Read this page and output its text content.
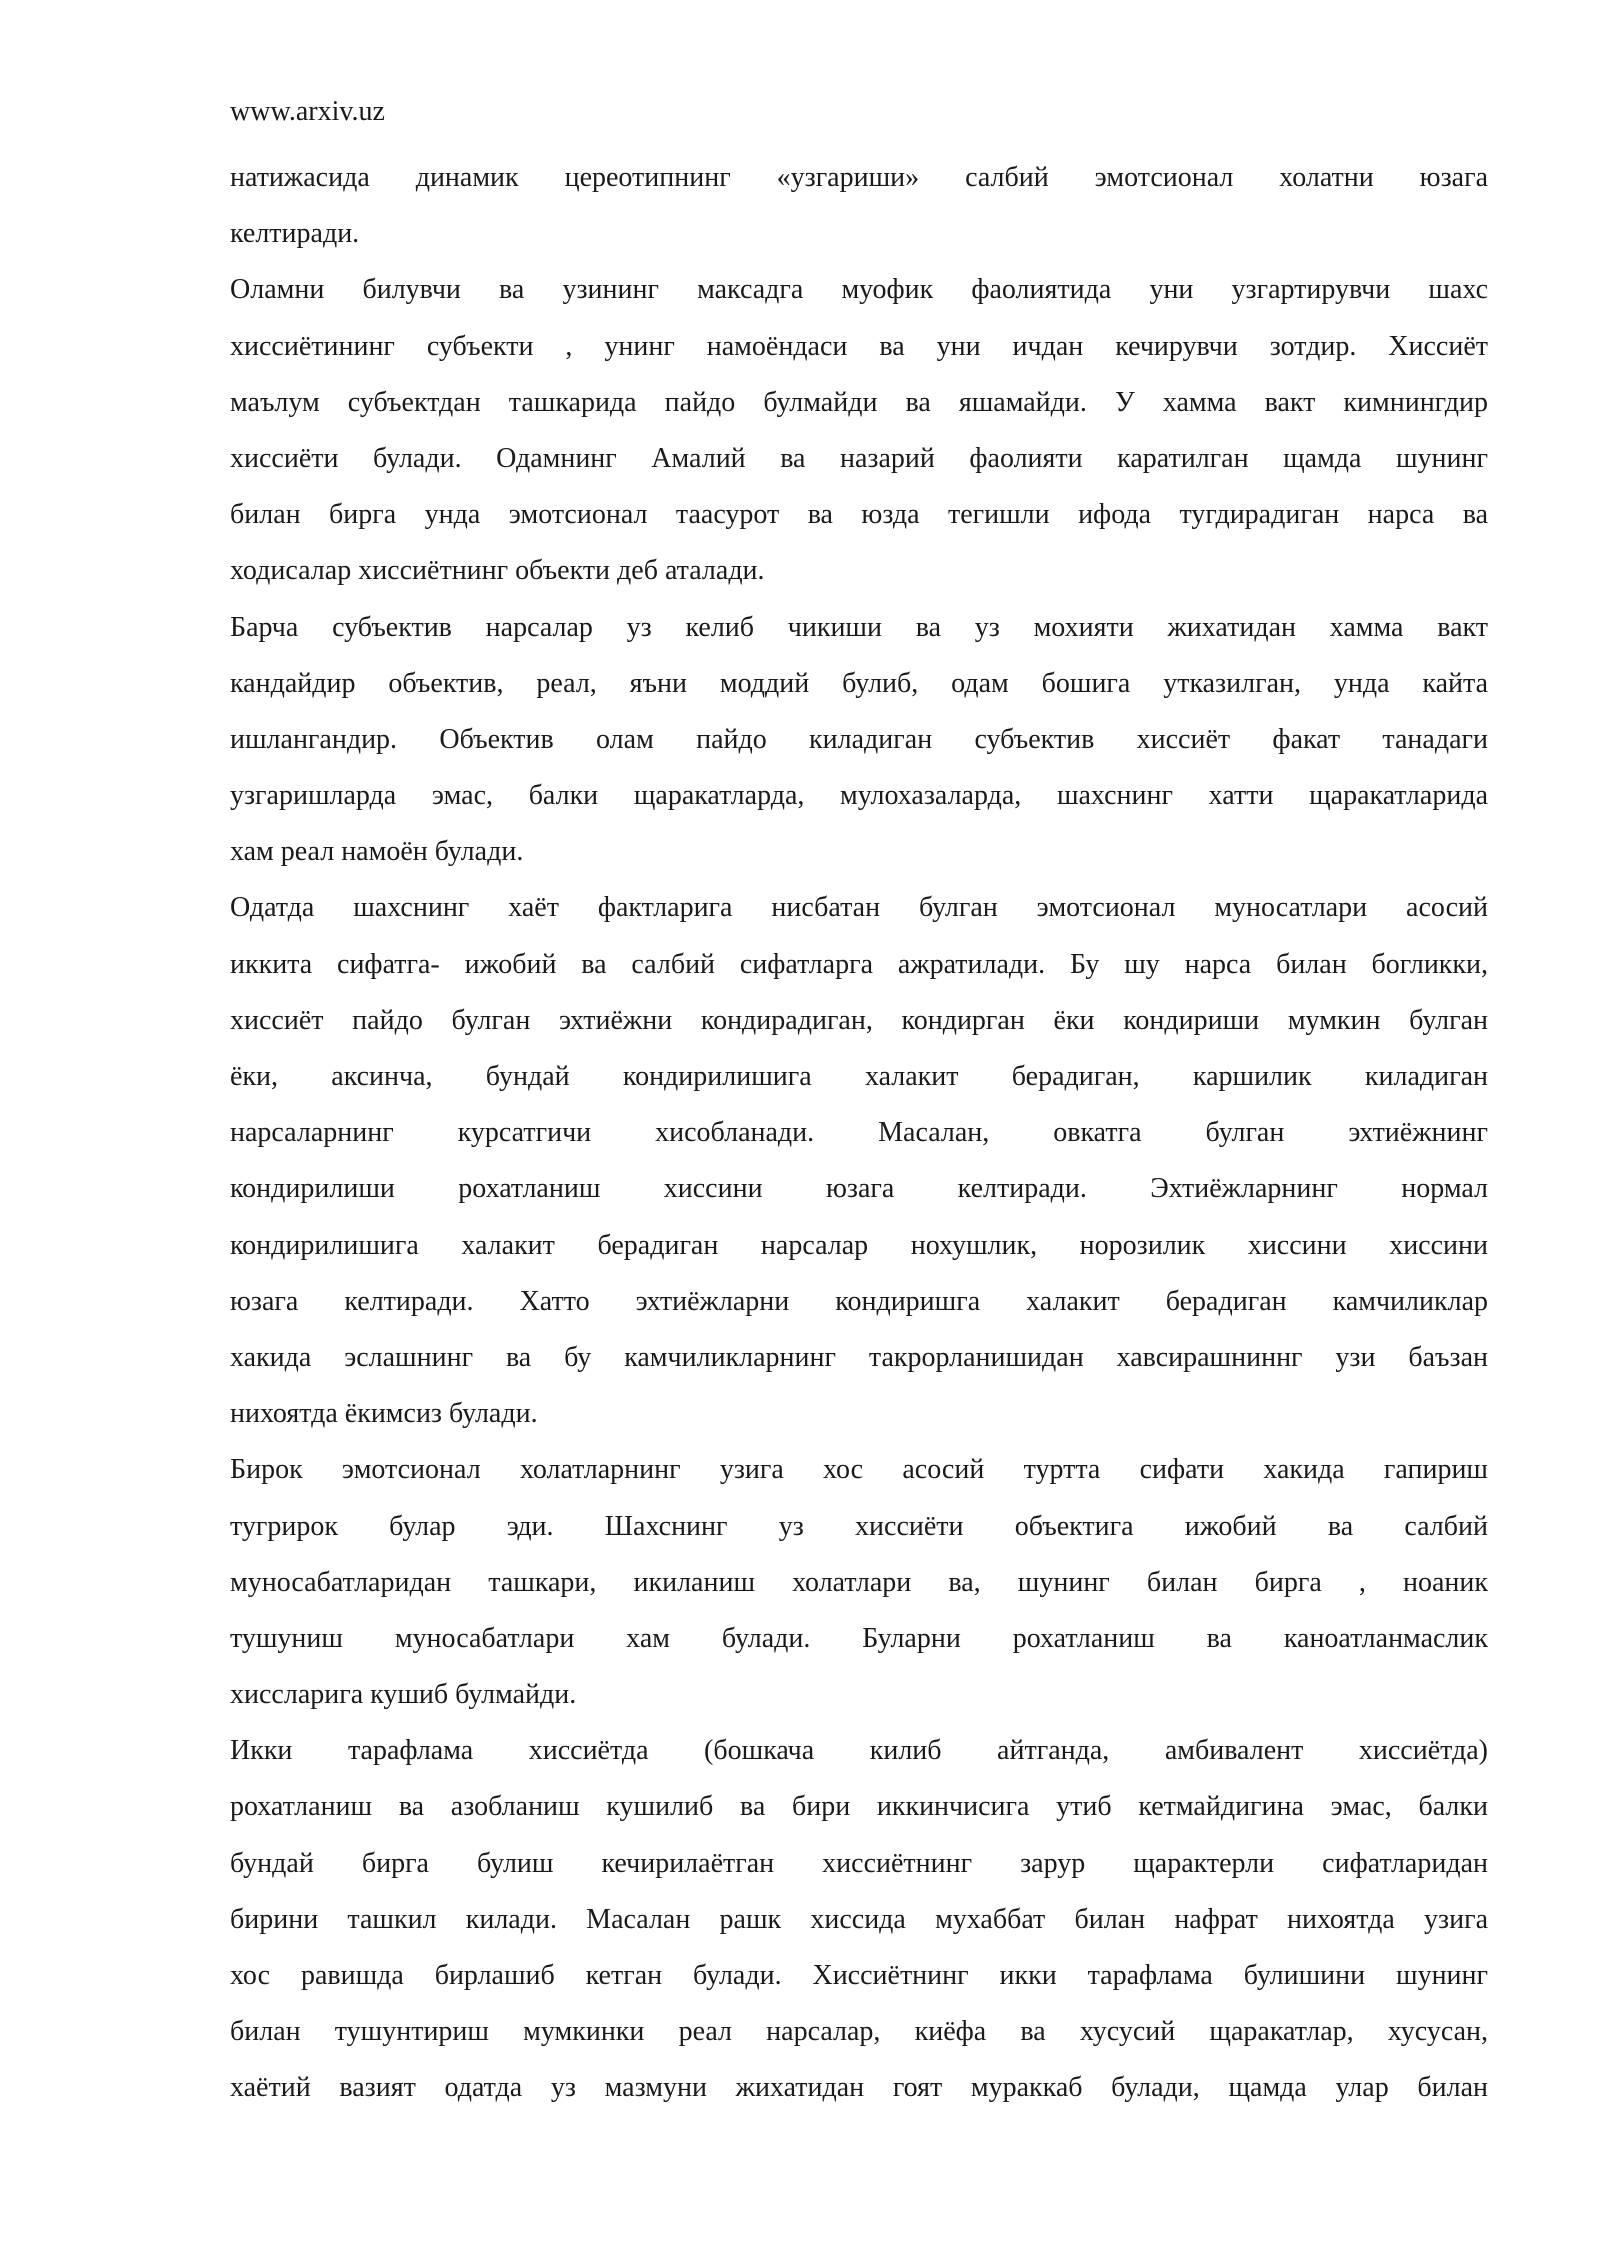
www.arxiv.uz
натижасида динамик цереотипнинг «узгариши» салбий эмотсионал холатни юзага
келтиради.
Оламни билувчи ва узининг максадга муофик фаолиятида уни узгартирувчи шахс
хиссиётининг субъекти , унинг намоёндаси ва уни ичдан кечирувчи зотдир. Хиссиёт
маълум субъектдан ташкарида пайдо булмайди ва яшамайди. У хамма вакт кимнингдир
хиссиёти булади. Одамнинг Амалий ва назарий фаолияти каратилган щамда шунинг
билан бирга унда эмотсионал таасурот ва юзда тегишли ифода тугдирадиган нарса ва
ходисалар хиссиётнинг объекти деб аталади.
Барча субъектив нарсалар уз келиб чикиши ва уз мохияти жихатидан хамма вакт
кандайдир объектив, реал, яъни моддий булиб, одам бошига утказилган, унда кайта
ишлангандир. Объектив олам пайдо киладиган субъектив хиссиёт факат танадаги
узгаришларда эмас, балки щаракатларда, мулохазаларда, шахснинг хатти щаракатларида
хам реал намоён булади.
Одатда шахснинг хаёт фактларига нисбатан булган эмотсионал муносатлари асосий
иккита сифатга- ижобий ва салбий сифатларга ажратилади. Бу шу нарса билан богликки,
хиссиёт пайдо булган эхтиёжни кондирадиган, кондирган ёки кондириши мумкин булган
ёки, аксинча, бундай кондирилишига халакит берадиган, каршилик киладиган
нарсаларнинг курсатгичи хисобланади. Масалан, овкатга булган эхтиёжнинг
кондирилиши рохатланиш хиссини юзага келтиради. Эхтиёжларнинг нормал
кондирилишига халакит берадиган нарсалар нохушлик, норозилик хиссини хиссини
юзага келтиради. Хатто эхтиёжларни кондиришга халакит берадиган камчиликлар
хакида эслашнинг ва бу камчиликларнинг такрорланишидан хавсирашниннг узи баъзан
нихоятда ёкимсиз булади.
Бирок эмотсионал холатларнинг узига хос асосий туртта сифати хакида гапириш
тугрирок булар эди. Шахснинг уз хиссиёти объектига ижобий ва салбий
муносабатларидан ташкари, икиланиш холатлари ва, шунинг билан бирга , ноаник
тушуниш муносабатлари хам булади. Буларни рохатланиш ва каноатланмаслик
хиссларига кушиб булмайди.
Икки тарафлама хиссиётда (бошкача килиб айтганда, амбивалент хиссиётда)
рохатланиш ва азобланиш кушилиб ва бири иккинчисига утиб кетмайдигина эмас, балки
бундай бирга булиш кечирилаётган хиссиётнинг зарур щарактерли сифатларидан
бирини ташкил килади. Масалан рашк хиссида мухаббат билан нафрат нихоятда узига
хос равишда бирлашиб кетган булади. Хиссиётнинг икки тарафлама булишини шунинг
билан тушунтириш мумкинки реал нарсалар, киёфа ва хусусий щаракатлар, хусусан,
хаётий вазият одатда уз мазмуни жихатидан гоят мураккаб булади, щамда улар билан
